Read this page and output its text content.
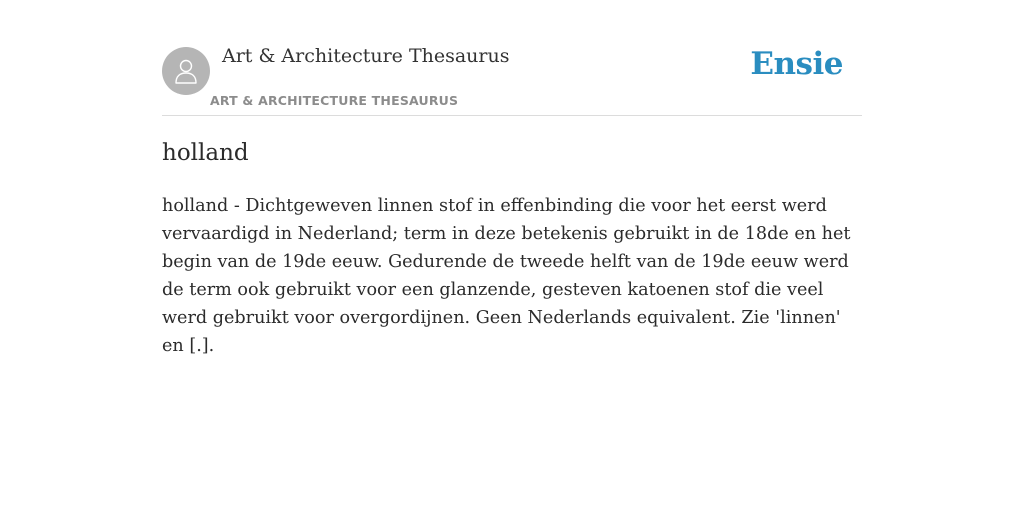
Art & Architecture Thesaurus
ART & ARCHITECTURE THESAURUS
Ensie
holland

holland - Dichtgeweven linnen stof in effenbinding die voor het eerst werd vervaardigd in Nederland; term in deze betekenis gebruikt in de 18de en het begin van de 19de eeuw. Gedurende de tweede helft van de 19de eeuw werd de term ook gebruikt voor een glanzende, gesteven katoenen stof die veel werd gebruikt voor overgordijnen. Geen Nederlands equivalent. Zie 'linnen' en [.].
